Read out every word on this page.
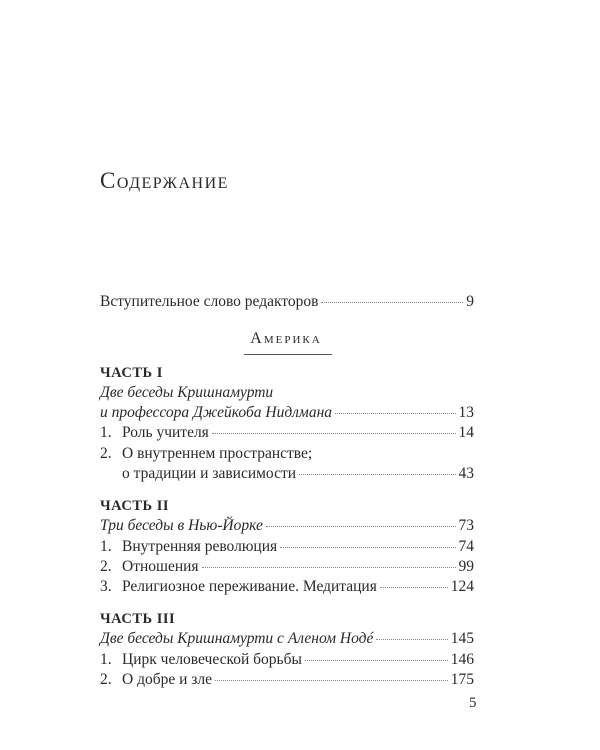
Содержание
Вступительное слово редакторов	9
Америка
ЧАСТЬ I
Две беседы Кришнамурти
и профессора Джейкоба Нидлмана	13
1. Роль учителя	14
2. О внутреннем пространстве;
о традиции и зависимости	43
ЧАСТЬ II
Три беседы в Нью-Йорке	73
1. Внутренняя революция	74
2. Отношения	99
3. Религиозное переживание. Медитация	124
ЧАСТЬ III
Две беседы Кришнамурти с Аленом Нодé	145
1. Цирк человеческой борьбы	146
2. О добре и зле	175
5
